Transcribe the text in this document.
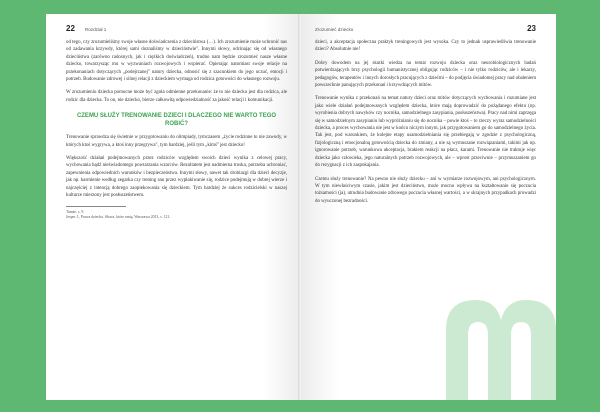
22 Rozdział 1

od tego, czy zrozumieliśmy swoje własne doświadczenia z dzieciństwa (…). Ich zrozumienie może uchronić nas od zadawania krzywdy, której sami doznaliśmy w dzieciństwie". Innymi słowy, odcinając się od własnego dzieciństwa (zarówno radosnych, jak i ciężkich doświadczeń), trudno nam będzie zrozumieć nasze własne dziecko, towarzysząc mu w wyzwaniach rozwojowych i wspierać. Opierając natomiast swoje relacje na przekonaniach dotyczących „podejrzanej" natury dziecka, odnosić się z szacunkiem do jego uczuć, emocji i potrzeb. Budowanie zdrowej i silnej relacji z dzieckiem wymaga od rodzica gotowości do własnego rozwoju.

W zrozumieniu dziecka pomocne może być zgoła odmienne przekonanie: że to nie dziecko jest dla rodzica, ale rodzic dla dziecka. To on, nie dziecko, bierze całkowitą odpowiedzialność za jakość relacji i komunikacji.

CZEMU SŁUŻY TRENOWANIE DZIECI I DLACZEGO NIE WARTO TEGO ROBIĆ?

Trenowanie sprawdza się świetnie w przygotowaniu do olimpiady, tymczasem „życie rodzinne to nie zawody, w których ktoś wygrywa, a ktoś inny przegrywa", tym bardziej, jeśli tym „kimś" jest dziecko!

Większość działań podejmowanych przez rodziców względem swoich dzieci wynika z celowej pracy, wychowania bądź nieświadomego powtarzania wzorców. Rezultatem jest nadmierna troska, potrzeba uchroniać, zapewnienia odpowiednich warunków i bezpieczeństwa. Innymi słowy, nawet tak drobiazgi dla dzieci decyzje, jak np. karmienie według zegarka czy trening snu przez wypłakiwanie się, rodzice podejmują w dobrej wierze i najczęściej z intencją dobrego zaopiekowania się dzieckiem. Tym bardziej że sukces rodzicielski w naszej kulturze mierzony jest posłuszeństwem.

Tamże, s. 9.

Jesper J., Prawa dziecka. Słowa, które ranią, Warszawa 2013, s. 121.

Zrozumieć dziecko	23

dzieci, a akceptacja społeczna praktyk treningowych jest wysoka. Czy to jednak usprawiedliwia trenowanie dzieci? Absolutnie nie!

Dobry dowodem na jej skutki wiedza na temat rozwoju dziecka oraz neurobiologicznych badań potwierdzających brzy psychologii humanistycznej obligując rodziców – i nie tylko rodziców, ale i lekarzy, pedagogów, terapeutów i innych dorosłych pracujących z dziećmi – do podjęcia świadomej pracy nad obaleniem powszechnie panujących przekonań i krzywdzących mitów.

Trenowanie wynika z przekonań na temat natury dzieci oraz mitów dotyczących wychowania i rozumiane jest jako wiele działań podejmowanych względem dziecka, które mają doprowadzić do pożądanego efektu (np. wyrobienia dobrych nawyków czy nocnika, samodzielnego zasypiania, posłuszeństwa). Pracy nad nimi zaprzęga się w samodzielnym zasypianiu lub wypróżnianiu się do nocnika – powie ktoś – to rzeczy wyraz samodzielności dziecka, a proces wychowania nie jest w końcu niczym innym, jak przygotowaniem go do samodzielnego życia. Tak jest, pod warunkiem, że kolejne etapy usamodzielniania się przebiegają w zgodzie z psychologiczną, fizjologiczną i emocjonalną gotowością dziecka do zmiany, a nie są wymuszane rozwiązaniami, takimi jak np. ignorowanie potrzeb, warunkowa akceptacja, brakiem reakcji na płacz, karami. Trenowanie nie traktuje więc dziecka jako człowieka, jego naturalnych potrzeb rozwojowych, ale – wprost przeciwnie – przymuszaniem go do rezygnacji z ich zaspokajania.

Czemu służy trenowanie? Na pewno nie służy dziecku – ani w wymiarze rozwojowym, ani psychologicznym. W tym niewłaściwym czasie, jakim jest dzieciństwo, może mocno wpływa na kształtowanie się poczucia tożsamości (ja), utrudnia budowanie zdrowego poczucia własnej wartości, a w skrajnych przypadkach prowadzi do wyuczonej bezradności.
